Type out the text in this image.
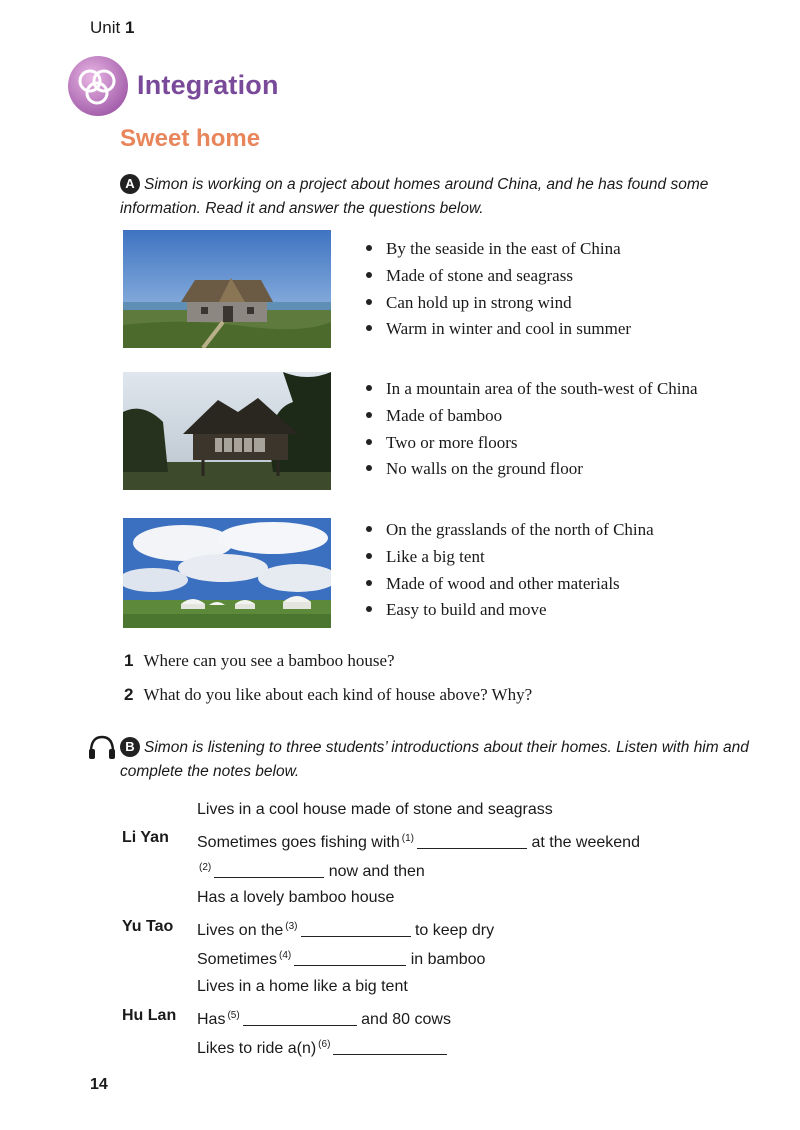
Unit 1
Integration
Sweet home
A Simon is working on a project about homes around China, and he has found some information. Read it and answer the questions below.
By the seaside in the east of China
Made of stone and seagrass
Can hold up in strong wind
Warm in winter and cool in summer
In a mountain area of the south-west of China
Made of bamboo
Two or more floors
No walls on the ground floor
On the grasslands of the north of China
Like a big tent
Made of wood and other materials
Easy to build and move
1 Where can you see a bamboo house?
2 What do you like about each kind of house above? Why?
B Simon is listening to three students’ introductions about their homes. Listen with him and complete the notes below.
Li Yan
Lives in a cool house made of stone and seagrass
Sometimes goes fishing with $^{(1)}$	at the weekend
$^{(2)}$	now and then
Yu Tao
Has a lovely bamboo house
Lives on the $^{(3)}$	to keep dry
Sometimes $^{(4)}$	in bamboo
Hu Lan
Lives in a home like a big tent
Has $^{(5)}$	and 80 cows
Likes to ride a(n) $^{(6)}$
14
